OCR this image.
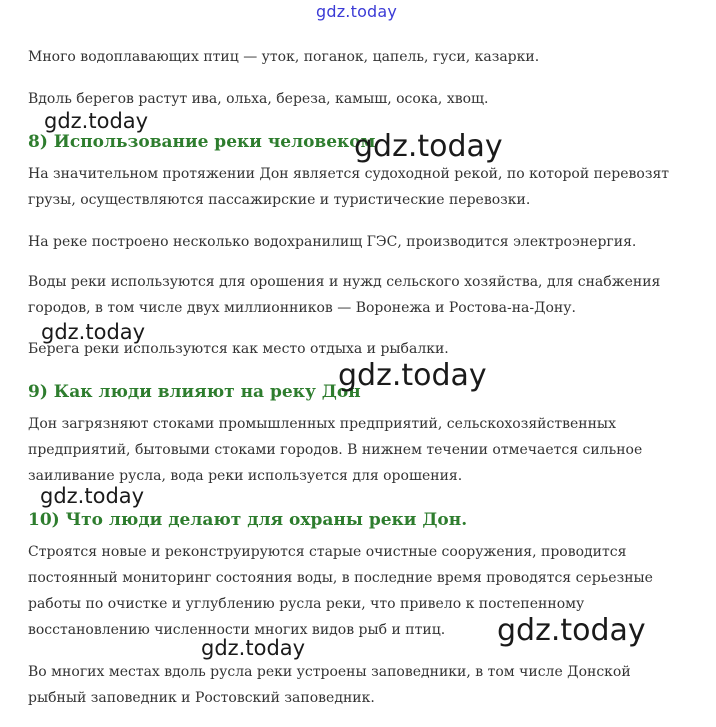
gdz.today
Много водоплавающих птиц — уток, поганок, цапель, гуси, казарки.
Вдоль берегов растут ива, ольха, береза, камыш, осока, хвощ.
8) Использование реки человеком
На значительном протяжении Дон является судоходной рекой, по которой перевозят грузы, осуществляются пассажирские и туристические перевозки.
На реке построено несколько водохранилищ ГЭС, производится электроэнергия.
Воды реки используются для орошения и нужд сельского хозяйства, для снабжения городов, в том числе двух миллионников — Воронежа и Ростова-на-Дону.
Берега реки используются как место отдыха и рыбалки.
9) Как люди влияют на реку Дон
Дон загрязняют стоками промышленных предприятий, сельскохозяйственных предприятий, бытовыми стоками городов. В нижнем течении отмечается сильное заиливание русла, вода реки используется для орошения.
10) Что люди делают для охраны реки Дон.
Строятся новые и реконструируются старые очистные сооружения, проводится постоянный мониторинг состояния воды, в последние время проводятся серьезные работы по очистке и углублению русла реки, что привело к постепенному восстановлению численности многих видов рыб и птиц.
Во многих местах вдоль русла реки устроены заповедники, в том числе Донской рыбный заповедник и Ростовский заповедник.
gdz.today
gdz.today
gdz.today
gdz.today
gdz.today
gdz.today
gdz.today
